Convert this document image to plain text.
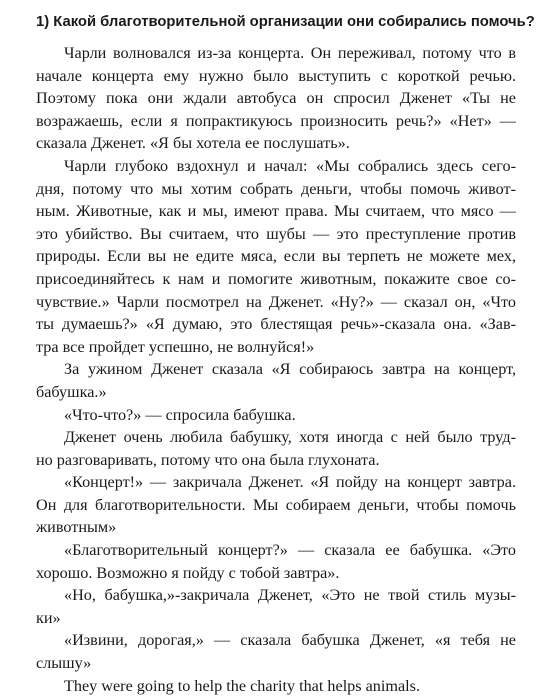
1) Какой благотворительной организации они собирались помочь?
Чарли волновался из-за концерта. Он переживал, потому что в
начале концерта ему нужно было выступить с короткой речью.
Поэтому пока они ждали автобуса он спросил Дженет «Ты не
возражаешь, если я попрактикуюсь произносить речь?» «Нет» —
сказала Дженет. «Я бы хотела ее послушать».
Чарли глубоко вздохнул и начал: «Мы собрались здесь сего-
дня, потому что мы хотим собрать деньги, чтобы помочь живот-
ным. Животные, как и мы, имеют права. Мы считаем, что мясо —
это убийство. Вы считаем, что шубы — это преступление против
природы. Если вы не едите мяса, если вы терпеть не можете мех,
присоединяйтесь к нам и помогите животным, покажите свое со-
чувствие.» Чарли посмотрел на Дженет. «Ну?» — сказал он, «Что
ты думаешь?» «Я думаю, это блестящая речь»-сказала она. «Зав-
тра все пройдет успешно, не волнуйся!»
За ужином Дженет сказала «Я собираюсь завтра на концерт,
бабушка.»
«Что-что?» — спросила бабушка.
Дженет очень любила бабушку, хотя иногда с ней было труд-
но разговаривать, потому что она была глухоната.
«Концерт!» — закричала Дженет. «Я пойду на концерт завтра.
Он для благотворительности. Мы собираем деньги, чтобы помочь
животным»
«Благотворительный концерт?» — сказала ее бабушка. «Это
хорошо. Возможно я пойду с тобой завтра».
«Но, бабушка,»-закричала Дженет, «Это не твой стиль музы-
ки»
«Извини, дорогая,» — сказала бабушка Дженет, «я тебя не
слышу»
They were going to help the charity that helps animals.
